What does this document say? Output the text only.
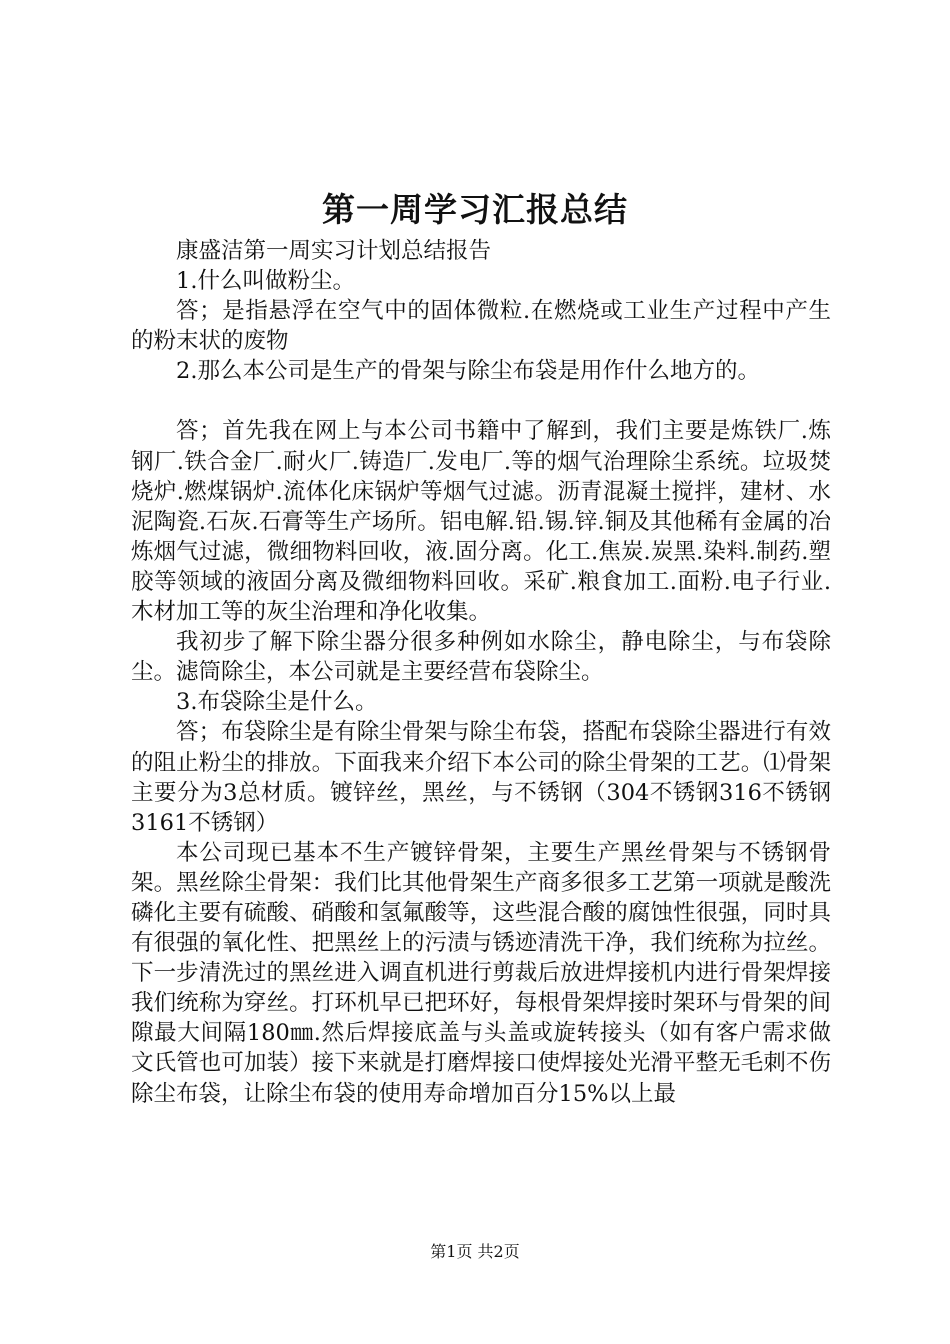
第一周学习汇报总结

康盛洁第一周实习计划总结报告

1.什么叫做粉尘。

答；是指悬浮在空气中的固体微粒.在燃烧或工业生产过程中产生的粉末状的废物

2.那么本公司是生产的骨架与除尘布袋是用作什么地方的。

答；首先我在网上与本公司书籍中了解到，我们主要是炼铁厂.炼钢厂.铁合金厂.耐火厂.铸造厂.发电厂.等的烟气治理除尘系统。垃圾焚烧炉.燃煤锅炉.流体化床锅炉等烟气过滤。沥青混凝土搅拌，建材、水泥陶瓷.石灰.石膏等生产场所。铝电解.铅.锡.锌.铜及其他稀有金属的冶炼烟气过滤，微细物料回收，液.固分离。化工.焦炭.炭黑.染料.制药.塑胶等领域的液固分离及微细物料回收。采矿.粮食加工.面粉.电子行业.木材加工等的灰尘治理和净化收集。

我初步了解下除尘器分很多种例如水除尘，静电除尘，与布袋除尘。滤筒除尘，本公司就是主要经营布袋除尘。

3.布袋除尘是什么。

答；布袋除尘是有除尘骨架与除尘布袋，搭配布袋除尘器进行有效的阻止粉尘的排放。下面我来介绍下本公司的除尘骨架的工艺。⑴骨架主要分为3总材质。镀锌丝，黑丝，与不锈钢（304不锈钢316不锈钢3161不锈钢）

本公司现已基本不生产镀锌骨架，主要生产黑丝骨架与不锈钢骨架。黑丝除尘骨架：我们比其他骨架生产商多很多工艺第一项就是酸洗磷化主要有硫酸、硝酸和氢氟酸等，这些混合酸的腐蚀性很强，同时具有很强的氧化性、把黑丝上的污渍与锈迹清洗干净，我们统称为拉丝。下一步清洗过的黑丝进入调直机进行剪裁后放进焊接机内进行骨架焊接我们统称为穿丝。打环机早已把环好，每根骨架焊接时架环与骨架的间隙最大间隔180㎜.然后焊接底盖与头盖或旋转接头（如有客户需求做文氏管也可加装）接下来就是打磨焊接口使焊接处光滑平整无毛刺不伤除尘布袋，让除尘布袋的使用寿命增加百分15%以上最

第1页 共2页
